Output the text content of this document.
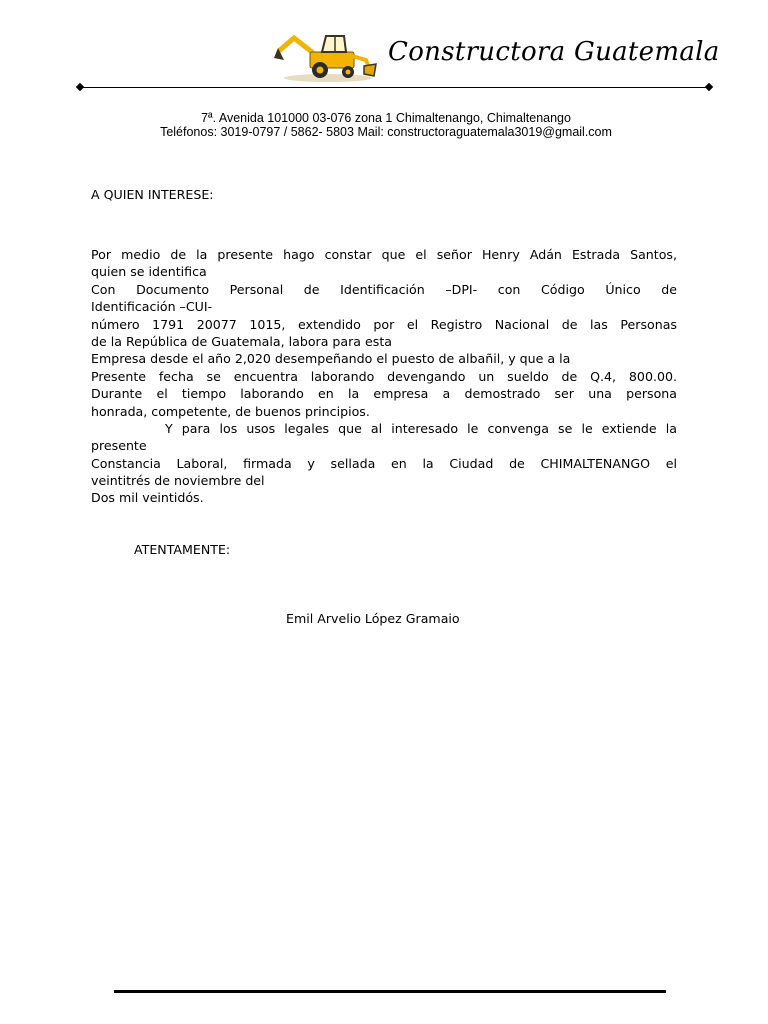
Constructora Guatemala
7ª. Avenida 101000 03-076 zona 1 Chimaltenango, Chimaltenango
Teléfonos: 3019-0797 / 5862- 5803 Mail: constructoraguatemala3019@gmail.com
A QUIEN INTERESE:
Por medio de la presente hago constar que el señor Henry Adán Estrada Santos,
quien se identifica
Con Documento Personal de Identificación –DPI- con Código Único de
Identificación –CUI-
número 1791 20077 1015, extendido por el Registro Nacional de las Personas
de la República de Guatemala, labora para esta
Empresa desde el año 2,020 desempeñando el puesto de albañil, y que a la
Presente fecha se encuentra laborando devengando un sueldo de Q.4, 800.00.
Durante el tiempo laborando en la empresa a demostrado ser una persona
honrada, competente, de buenos principios.
Y para los usos legales que al interesado le convenga se le extiende la
presente
Constancia Laboral, firmada y sellada en la Ciudad de CHIMALTENANGO el
veintitrés de noviembre del
Dos mil veintidós.
ATENTAMENTE:
Emil Arvelio López Gramaio
